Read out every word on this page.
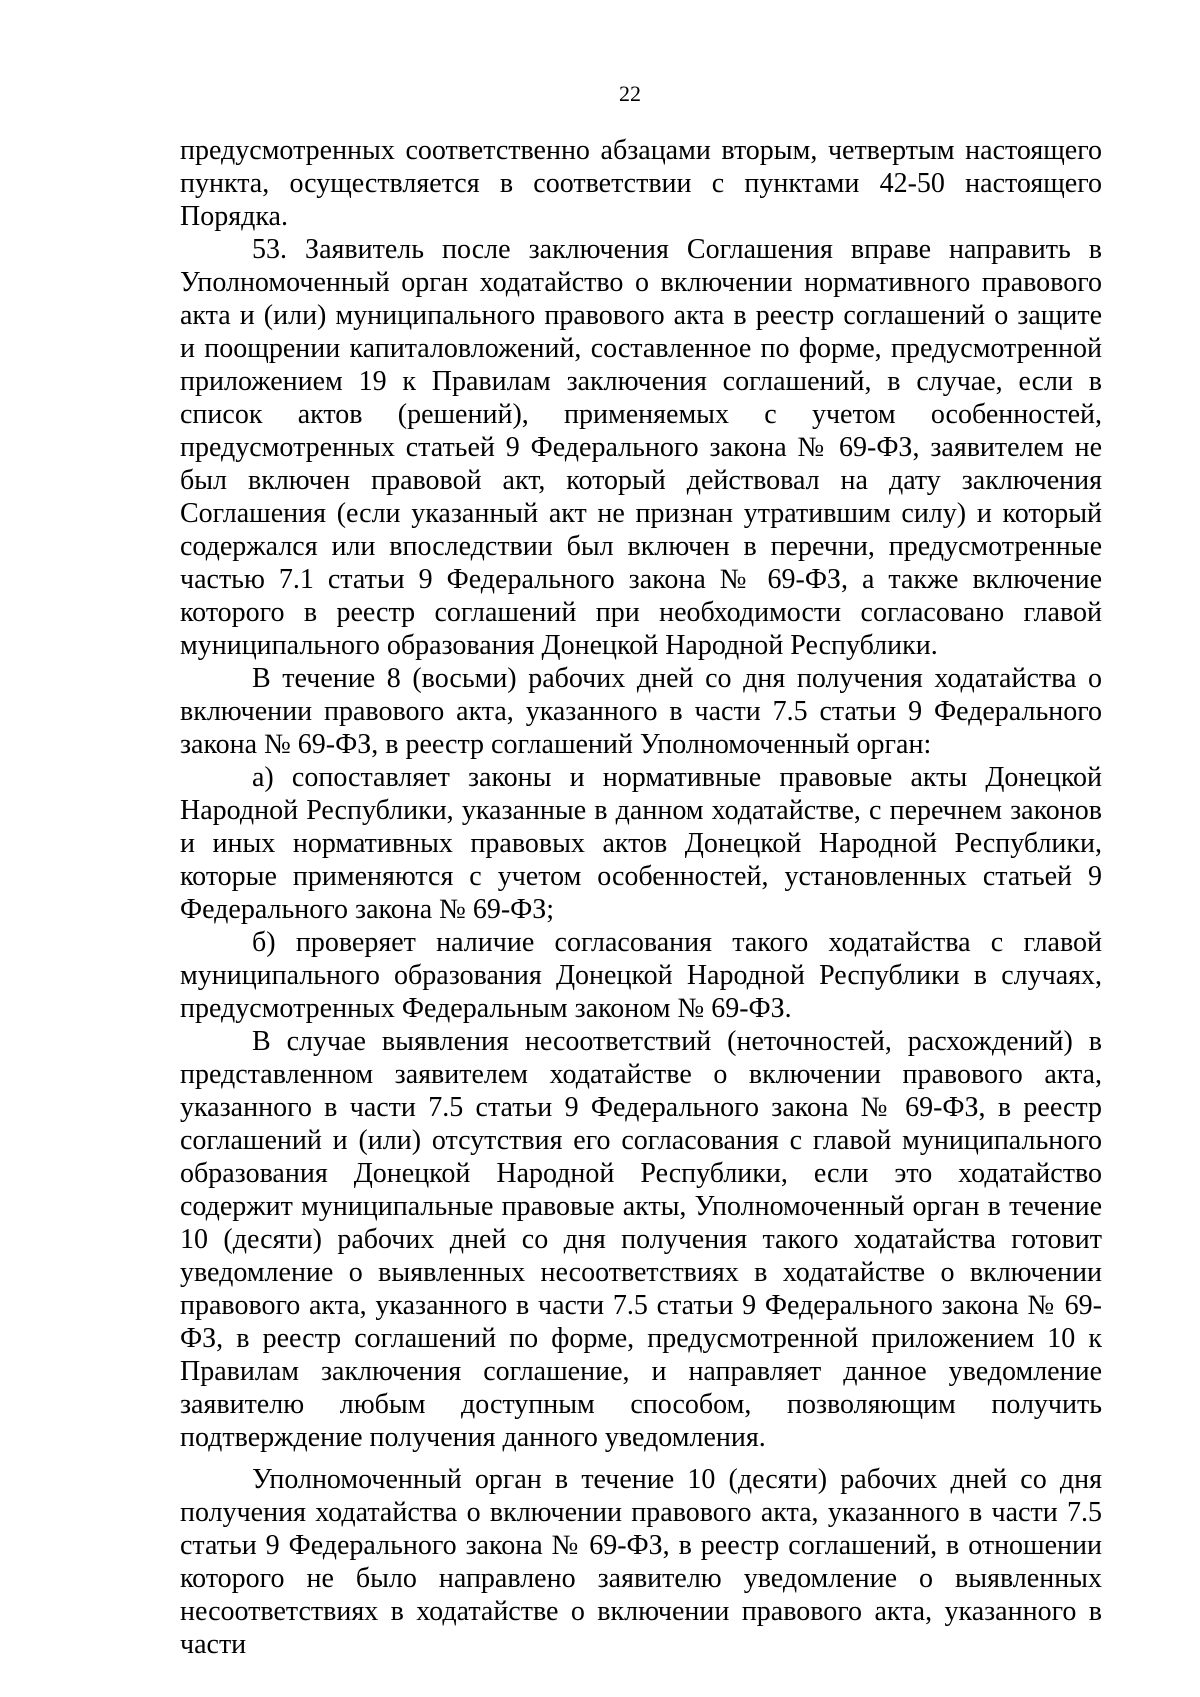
22

предусмотренных соответственно абзацами вторым, четвертым настоящего пункта, осуществляется в соответствии с пунктами 42-50 настоящего Порядка.

53. Заявитель после заключения Соглашения вправе направить в Уполномоченный орган ходатайство о включении нормативного правового акта и (или) муниципального правового акта в реестр соглашений о защите и поощрении капиталовложений, составленное по форме, предусмотренной приложением 19 к Правилам заключения соглашений, в случае, если в список актов (решений), применяемых с учетом особенностей, предусмотренных статьей 9 Федерального закона № 69-ФЗ, заявителем не был включен правовой акт, который действовал на дату заключения Соглашения (если указанный акт не признан утратившим силу) и который содержался или впоследствии был включен в перечни, предусмотренные частью 7.1 статьи 9 Федерального закона № 69-ФЗ, а также включение которого в реестр соглашений при необходимости согласовано главой муниципального образования Донецкой Народной Республики.

В течение 8 (восьми) рабочих дней со дня получения ходатайства о включении правового акта, указанного в части 7.5 статьи 9 Федерального закона № 69-ФЗ, в реестр соглашений Уполномоченный орган:

а) сопоставляет законы и нормативные правовые акты Донецкой Народной Республики, указанные в данном ходатайстве, с перечнем законов и иных нормативных правовых актов Донецкой Народной Республики, которые применяются с учетом особенностей, установленных статьей 9 Федерального закона № 69-ФЗ;

б) проверяет наличие согласования такого ходатайства с главой муниципального образования Донецкой Народной Республики в случаях, предусмотренных Федеральным законом № 69-ФЗ.

В случае выявления несоответствий (неточностей, расхождений) в представленном заявителем ходатайстве о включении правового акта, указанного в части 7.5 статьи 9 Федерального закона № 69-ФЗ, в реестр соглашений и (или) отсутствия его согласования с главой муниципального образования Донецкой Народной Республики, если это ходатайство содержит муниципальные правовые акты, Уполномоченный орган в течение 10 (десяти) рабочих дней со дня получения такого ходатайства готовит уведомление о выявленных несоответствиях в ходатайстве о включении правового акта, указанного в части 7.5 статьи 9 Федерального закона № 69-ФЗ, в реестр соглашений по форме, предусмотренной приложением 10 к Правилам заключения соглашение, и направляет данное уведомление заявителю любым доступным способом, позволяющим получить подтверждение получения данного уведомления.

Уполномоченный орган в течение 10 (десяти) рабочих дней со дня получения ходатайства о включении правового акта, указанного в части 7.5 статьи 9 Федерального закона № 69-ФЗ, в реестр соглашений, в отношении которого не было направлено заявителю уведомление о выявленных несоответствиях в ходатайстве о включении правового акта, указанного в части
